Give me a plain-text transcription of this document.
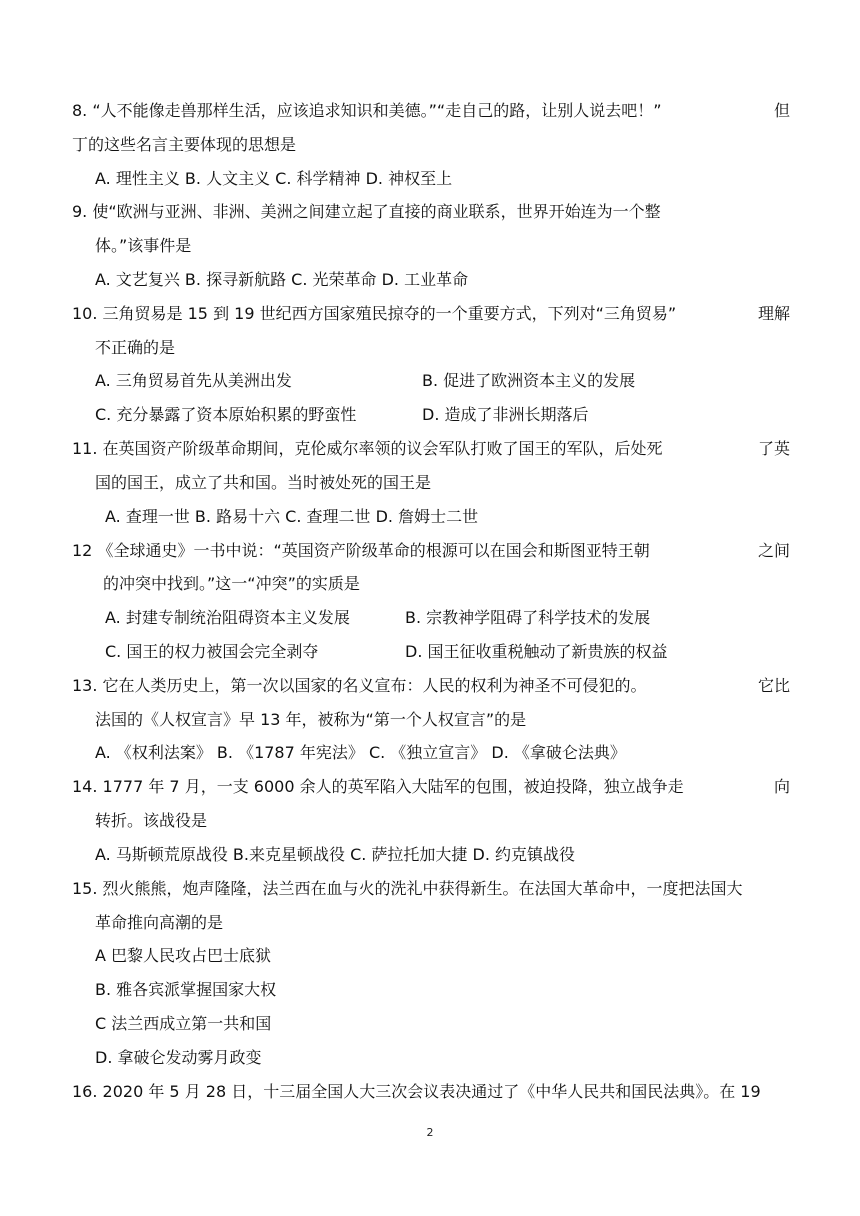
8. “人不能像走兽那样生活，应该追求知识和美德。”“走自己的路，让别人说去吧！”	但
丁的这些名言主要体现的思想是
A. 理性主义 B. 人文主义 C. 科学精神 D. 神权至上
9. 使“欧洲与亚洲、非洲、美洲之间建立起了直接的商业联系，世界开始连为一个整
体。”该事件是
A. 文艺复兴 B. 探寻新航路 C. 光荣革命 D. 工业革命
10. 三角贸易是 15 到 19 世纪西方国家殖民掠夺的一个重要方式，下列对“三角贸易”	理解
不正确的是
A. 三角贸易首先从美洲出发	B. 促进了欧洲资本主义的发展
C. 充分暴露了资本原始积累的野蛮性	D. 造成了非洲长期落后
11. 在英国资产阶级革命期间，克伦威尔率领的议会军队打败了国王的军队，后处死	了英
国的国王，成立了共和国。当时被处死的国王是
A. 查理一世 B. 路易十六 C. 查理二世 D. 詹姆士二世
12 《全球通史》一书中说：“英国资产阶级革命的根源可以在国会和斯图亚特王朝	之间
的冲突中找到。”这一“冲突”的实质是
A. 封建专制统治阻碍资本主义发展	B. 宗教神学阻碍了科学技术的发展
C. 国王的权力被国会完全剥夺	D. 国王征收重税触动了新贵族的权益
13. 它在人类历史上，第一次以国家的名义宣布：人民的权利为神圣不可侵犯的。	它比
法国的《人权宣言》早 13 年，被称为“第一个人权宣言”的是
A. 《权利法案》 B. 《1787 年宪法》 C. 《独立宣言》 D. 《拿破仑法典》
14. 1777 年 7 月，一支 6000 余人的英军陷入大陆军的包围，被迫投降，独立战争走	向
转折。该战役是
A. 马斯顿荒原战役 B.来克星顿战役 C. 萨拉托加大捷 D. 约克镇战役
15. 烈火熊熊，炮声隆隆，法兰西在血与火的洗礼中获得新生。在法国大革命中，一度把法国大
革命推向高潮的是
A 巴黎人民攻占巴士底狱
B. 雅各宾派掌握国家大权
C 法兰西成立第一共和国
D. 拿破仑发动雾月政变
16. 2020 年 5 月 28 日，十三届全国人大三次会议表决通过了《中华人民共和国民法典》。在 19
2
